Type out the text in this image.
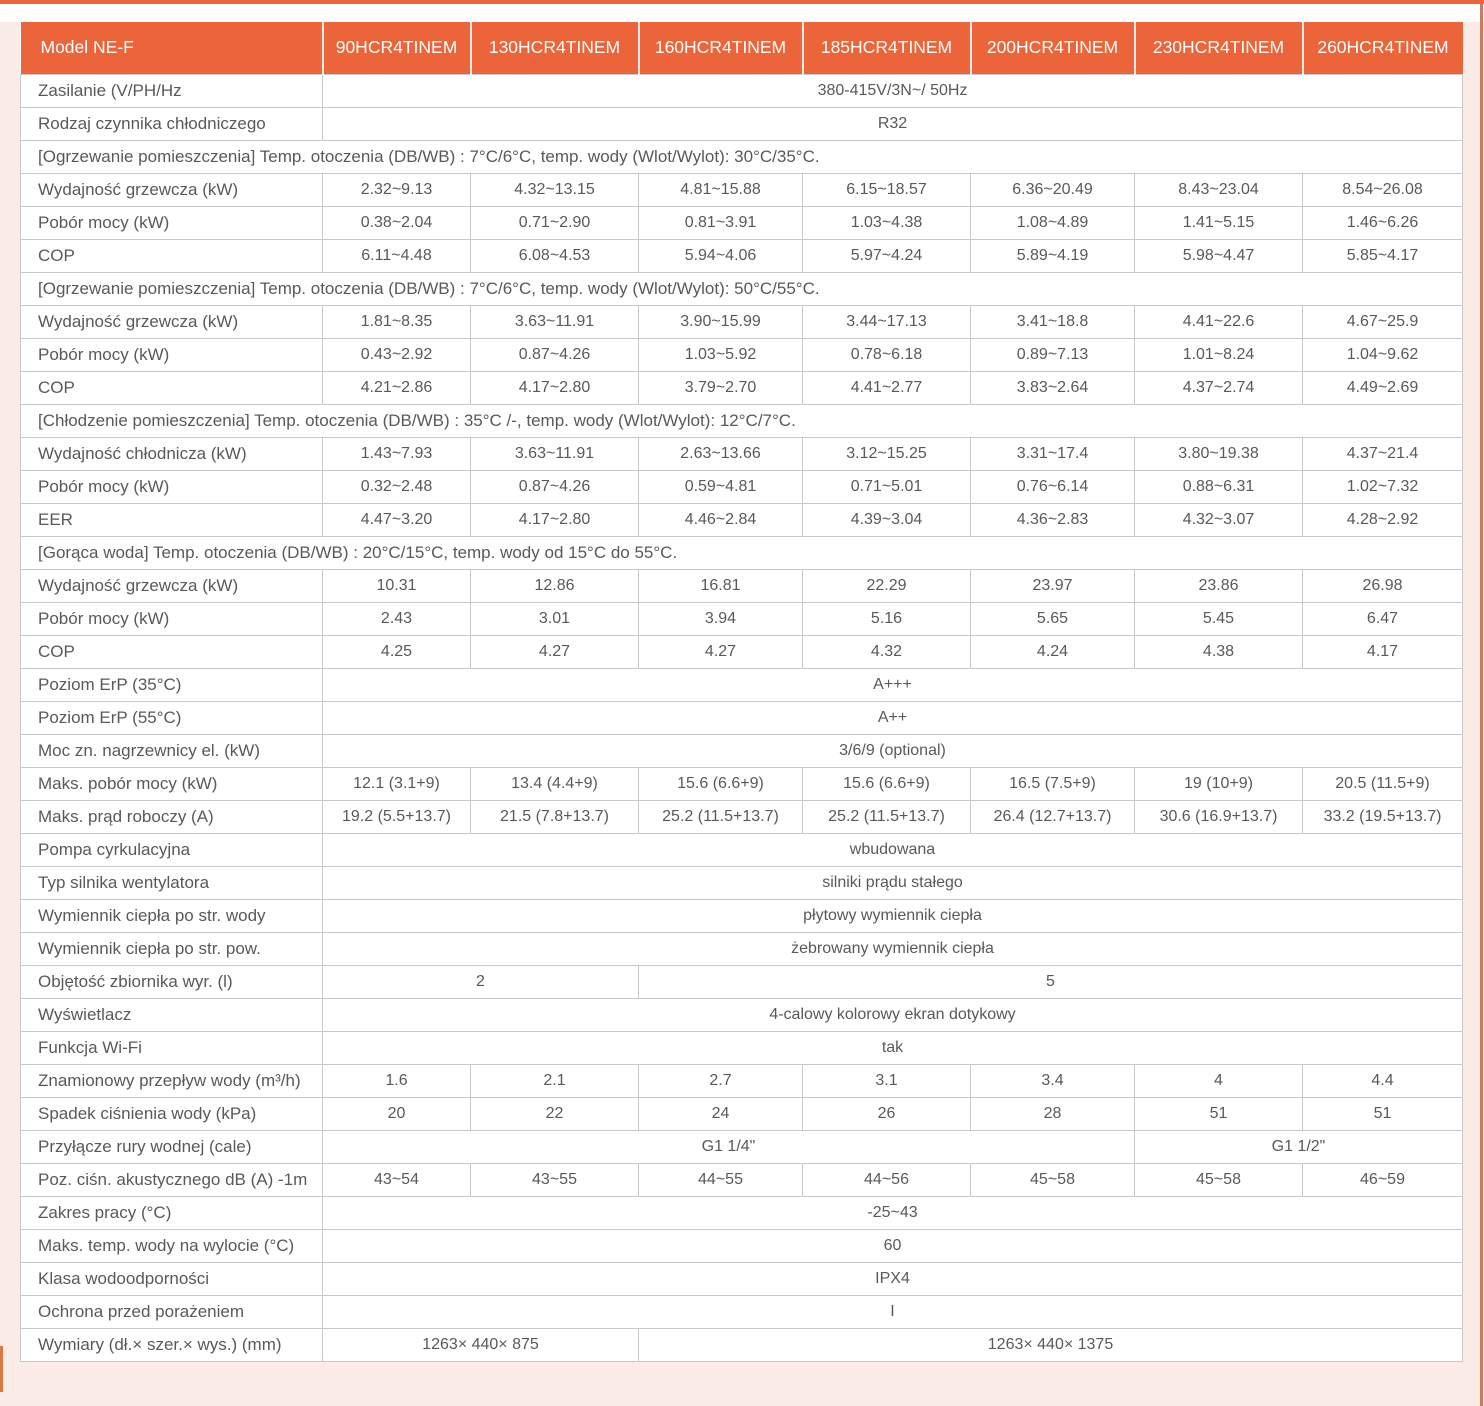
Model NE-F	90HCR4TINEM	130HCR4TINEM	160HCR4TINEM	185HCR4TINEM	200HCR4TINEM	230HCR4TINEM	260HCR4TINEM
Zasilanie (V/PH/Hz	380-415V/3N~/ 50Hz						
Rodzaj czynnika chłodniczego	R32						
[Ogrzewanie pomieszczenia] Temp. otoczenia (DB/WB) : 7°C/6°C, temp. wody (Wlot/Wylot): 30°C/35°C.							
Wydajność grzewcza (kW)	2.32~9.13	4.32~13.15	4.81~15.88	6.15~18.57	6.36~20.49	8.43~23.04	8.54~26.08
Pobór mocy (kW)	0.38~2.04	0.71~2.90	0.81~3.91	1.03~4.38	1.08~4.89	1.41~5.15	1.46~6.26
COP	6.11~4.48	6.08~4.53	5.94~4.06	5.97~4.24	5.89~4.19	5.98~4.47	5.85~4.17
[Ogrzewanie pomieszczenia] Temp. otoczenia (DB/WB) : 7°C/6°C, temp. wody (Wlot/Wylot): 50°C/55°C.							
Wydajność grzewcza (kW)	1.81~8.35	3.63~11.91	3.90~15.99	3.44~17.13	3.41~18.8	4.41~22.6	4.67~25.9
Pobór mocy (kW)	0.43~2.92	0.87~4.26	1.03~5.92	0.78~6.18	0.89~7.13	1.01~8.24	1.04~9.62
COP	4.21~2.86	4.17~2.80	3.79~2.70	4.41~2.77	3.83~2.64	4.37~2.74	4.49~2.69
[Chłodzenie pomieszczenia] Temp. otoczenia (DB/WB) : 35°C /-, temp. wody (Wlot/Wylot): 12°C/7°C.							
Wydajność chłodnicza (kW)	1.43~7.93	3.63~11.91	2.63~13.66	3.12~15.25	3.31~17.4	3.80~19.38	4.37~21.4
Pobór mocy (kW)	0.32~2.48	0.87~4.26	0.59~4.81	0.71~5.01	0.76~6.14	0.88~6.31	1.02~7.32
EER	4.47~3.20	4.17~2.80	4.46~2.84	4.39~3.04	4.36~2.83	4.32~3.07	4.28~2.92
[Gorąca woda] Temp. otoczenia (DB/WB) : 20°C/15°C, temp. wody od 15°C do 55°C.							
Wydajność grzewcza (kW)	10.31	12.86	16.81	22.29	23.97	23.86	26.98
Pobór mocy (kW)	2.43	3.01	3.94	5.16	5.65	5.45	6.47
COP	4.25	4.27	4.27	4.32	4.24	4.38	4.17
Poziom ErP (35°C)	A+++						
Poziom ErP (55°C)	A++						
Moc zn. nagrzewnicy el. (kW)	3/6/9 (optional)						
Maks. pobór mocy (kW)	12.1 (3.1+9)	13.4 (4.4+9)	15.6 (6.6+9)	15.6 (6.6+9)	16.5 (7.5+9)	19 (10+9)	20.5 (11.5+9)
Maks. prąd roboczy (A)	19.2 (5.5+13.7)	21.5 (7.8+13.7)	25.2 (11.5+13.7)	25.2 (11.5+13.7)	26.4 (12.7+13.7)	30.6 (16.9+13.7)	33.2 (19.5+13.7)
Pompa cyrkulacyjna	wbudowana						
Typ silnika wentylatora	silniki prądu stałego						
Wymiennik ciepła po str. wody	płytowy wymiennik ciepła						
Wymiennik ciepła po str. pow.	żebrowany wymiennik ciepła						
Objętość zbiornika wyr. (l)	2		5				
Wyświetlacz	4-calowy kolorowy ekran dotykowy						
Funkcja Wi-Fi	tak						
Znamionowy przepływ wody (m³/h)	1.6	2.1	2.7	3.1	3.4	4	4.4
Spadek ciśnienia wody (kPa)	20	22	24	26	28	51	51
Przyłącze rury wodnej (cale)	G1 1/4"					G1 1/2"	
Poz. ciśn. akustycznego dB (A) -1m	43~54	43~55	44~55	44~56	45~58	45~58	46~59
Zakres pracy (°C)	-25~43						
Maks. temp. wody na wylocie (°C)	60						
Klasa wodoodporności	IPX4						
Ochrona przed porażeniem	I						
Wymiary (dł.× szer.× wys.) (mm)	1263× 440× 875		1263× 440× 1375				
